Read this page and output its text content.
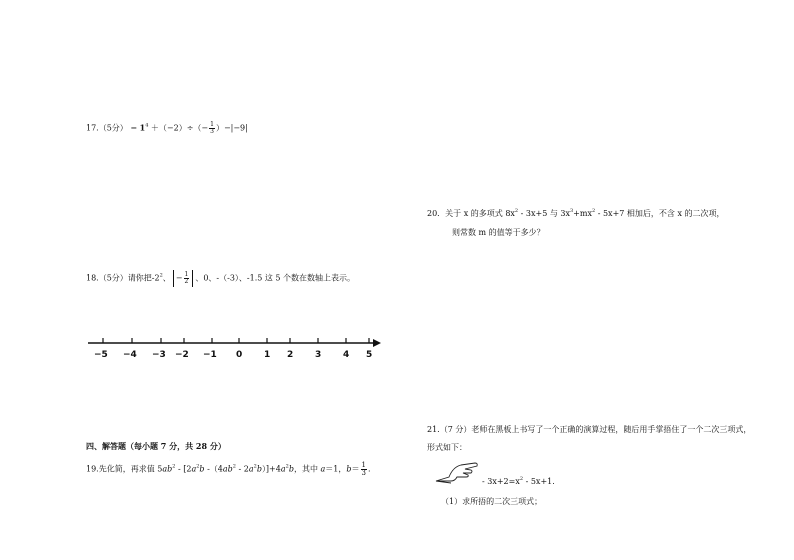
17.（5分） − $1^4 +(-2)\div(- \frac{1}{3} )-|-9|$
18.（5分）请你把$-2^2$、 − $\frac{1}{2}$ 、0、-（-3）、-1.5 这 5 个数在数轴上表示。
−5 −4 −3 −2 −1 0 1 2 3 4 5
四、解答题（每小题 7 分，共 28 分）
19.先化简，再求值 $5ab^2 - [2a^2b$ $-(4ab^2 - 2a^2b)]+4a^2b$，其中 a＝1，$b= \frac{1}{3}$ .
20．关于 x 的多项式 $8x^2 - 3x+5$ 与 $3x^3+mx^2 - 5x+7$ 相加后，不含 x 的二次项，
则常数 m 的值等于多少？
21.（7 分）老师在黑板上书写了一个正确的演算过程，随后用手掌捂住了一个二次三项式，
形式如下：
- $3x+2=x^2 - 5x+1$.
（1）求所捂的二次三项式；
